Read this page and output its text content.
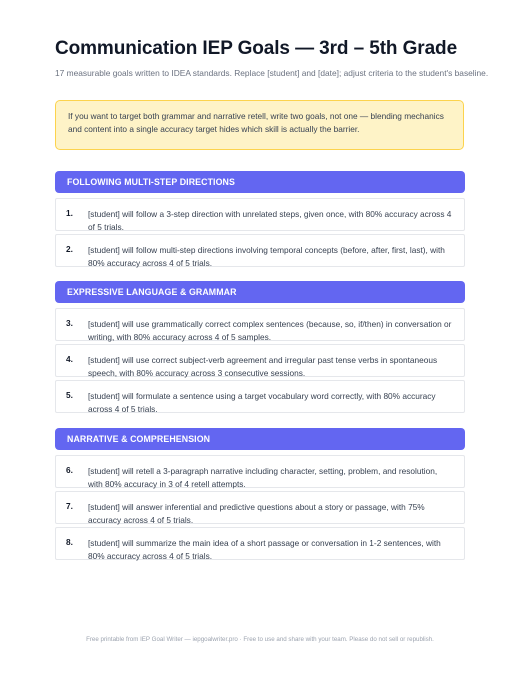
Communication IEP Goals — 3rd – 5th Grade
17 measurable goals written to IDEA standards. Replace [student] and [date]; adjust criteria to the student's baseline.
If you want to target both grammar and narrative retell, write two goals, not one — blending mechanics and content into a single accuracy target hides which skill is actually the barrier.
FOLLOWING MULTI-STEP DIRECTIONS
1.	[student] will follow a 3-step direction with unrelated steps, given once, with 80% accuracy across 4 of 5 trials.
2.	[student] will follow multi-step directions involving temporal concepts (before, after, first, last), with 80% accuracy across 4 of 5 trials.
EXPRESSIVE LANGUAGE & GRAMMAR
3.	[student] will use grammatically correct complex sentences (because, so, if/then) in conversation or writing, with 80% accuracy across 4 of 5 samples.
4.	[student] will use correct subject-verb agreement and irregular past tense verbs in spontaneous speech, with 80% accuracy across 3 consecutive sessions.
5.	[student] will formulate a sentence using a target vocabulary word correctly, with 80% accuracy across 4 of 5 trials.
NARRATIVE & COMPREHENSION
6.	[student] will retell a 3-paragraph narrative including character, setting, problem, and resolution, with 80% accuracy in 3 of 4 retell attempts.
7.	[student] will answer inferential and predictive questions about a story or passage, with 75% accuracy across 4 of 5 trials.
8.	[student] will summarize the main idea of a short passage or conversation in 1-2 sentences, with 80% accuracy across 4 of 5 trials.
Free printable from IEP Goal Writer — iepgoalwriter.pro · Free to use and share with your team. Please do not sell or republish.
